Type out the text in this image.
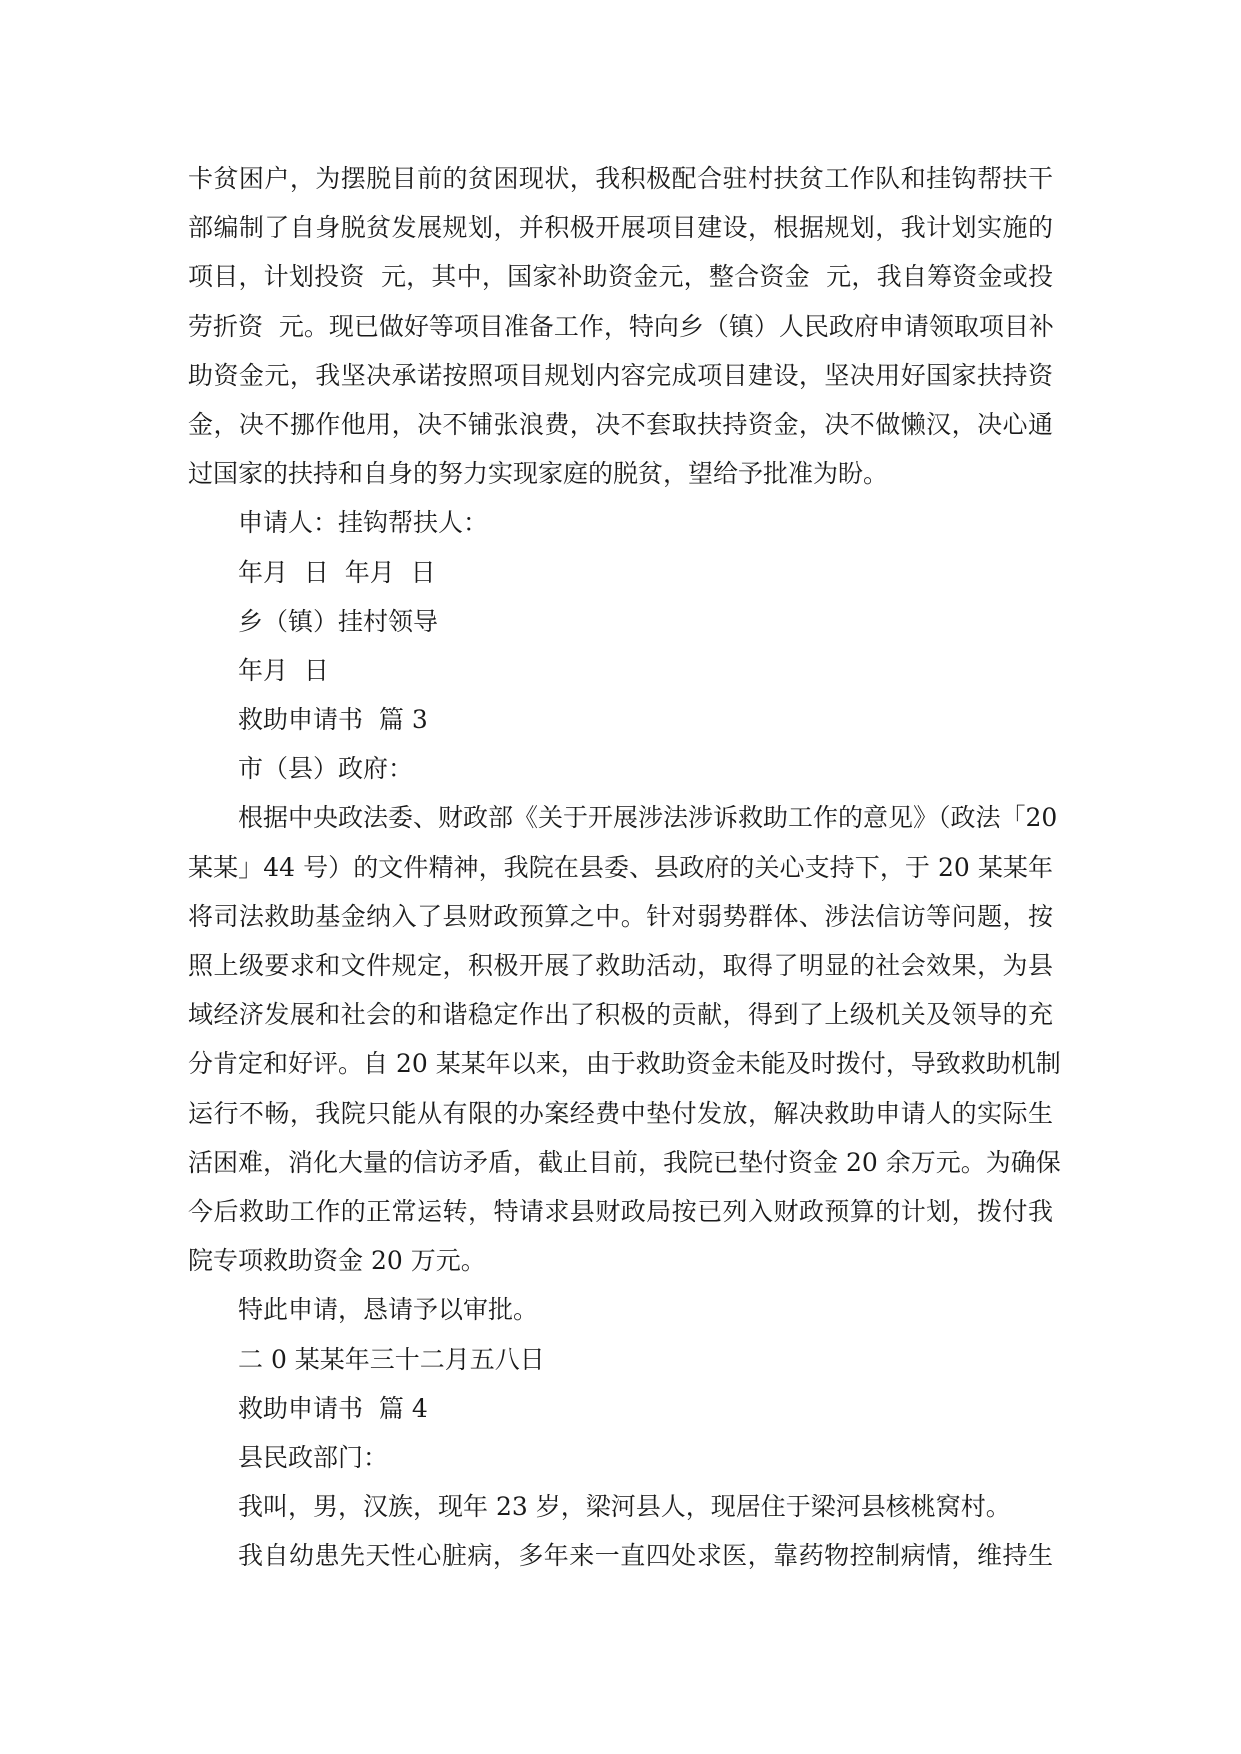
卡贫困户，为摆脱目前的贫困现状，我积极配合驻村扶贫工作队和挂钩帮扶干
部编制了自身脱贫发展规划，并积极开展项目建设，根据规划，我计划实施的
项目，计划投资  元，其中，国家补助资金元，整合资金  元，我自筹资金或投
劳折资  元。现已做好等项目准备工作，特向乡（镇）人民政府申请领取项目补
助资金元，我坚决承诺按照项目规划内容完成项目建设，坚决用好国家扶持资
金，决不挪作他用，决不铺张浪费，决不套取扶持资金，决不做懒汉，决心通
过国家的扶持和自身的努力实现家庭的脱贫，望给予批准为盼。
申请人：挂钩帮扶人：
年月  日  年月  日
乡（镇）挂村领导
年月  日
救助申请书  篇 3
市（县）政府：
根据中央政法委、财政部《关于开展涉法涉诉救助工作的意见》（政法「20
某某」44 号）的文件精神，我院在县委、县政府的关心支持下，于 20 某某年
将司法救助基金纳入了县财政预算之中。针对弱势群体、涉法信访等问题，按
照上级要求和文件规定，积极开展了救助活动，取得了明显的社会效果，为县
域经济发展和社会的和谐稳定作出了积极的贡献，得到了上级机关及领导的充
分肯定和好评。自 20 某某年以来，由于救助资金未能及时拨付，导致救助机制
运行不畅，我院只能从有限的办案经费中垫付发放，解决救助申请人的实际生
活困难，消化大量的信访矛盾，截止目前，我院已垫付资金 20 余万元。为确保
今后救助工作的正常运转，特请求县财政局按已列入财政预算的计划，拨付我
院专项救助资金 20 万元。
特此申请，恳请予以审批。
二 0 某某年三十二月五八日
救助申请书  篇 4
县民政部门：
我叫，男，汉族，现年 23 岁，梁河县人，现居住于梁河县核桃窝村。
我自幼患先天性心脏病，多年来一直四处求医，靠药物控制病情，维持生
